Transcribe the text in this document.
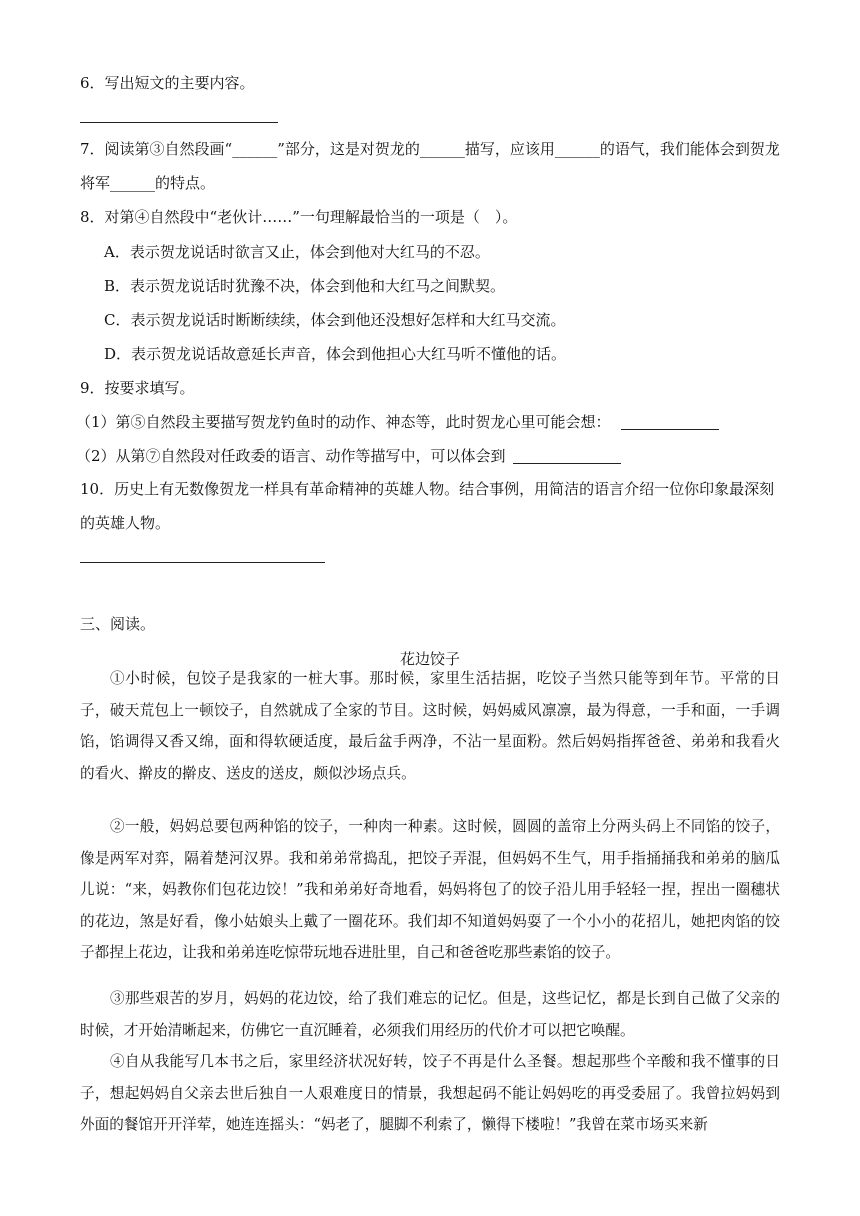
6．写出短文的主要内容。
7．阅读第③自然段画“______”部分，这是对贺龙的______描写，应该用______的语气，我们能体会到贺龙
将军______的特点。
8．对第④自然段中“老伙计……”一句理解最恰当的一项是（　）。
A．表示贺龙说话时欲言又止，体会到他对大红马的不忍。
B．表示贺龙说话时犹豫不决，体会到他和大红马之间默契。
C．表示贺龙说话时断断续续，体会到他还没想好怎样和大红马交流。
D．表示贺龙说话故意延长声音，体会到他担心大红马听不懂他的话。
9．按要求填写。
（1）第⑤自然段主要描写贺龙钓鱼时的动作、神态等，此时贺龙心里可能会想：
（2）从第⑦自然段对任政委的语言、动作等描写中，可以体会到
10．历史上有无数像贺龙一样具有革命精神的英雄人物。结合事例，用简洁的语言介绍一位你印象最深刻
的英雄人物。
三、阅读。
花边饺子
①小时候，包饺子是我家的一桩大事。那时候，家里生活拮据，吃饺子当然只能等到年节。平常的日子，破天荒包上一顿饺子，自然就成了全家的节目。这时候，妈妈威风凛凛，最为得意，一手和面，一手调馅，馅调得又香又绵，面和得软硬适度，最后盆手两净，不沾一星面粉。然后妈妈指挥爸爸、弟弟和我看火的看火、擀皮的擀皮、送皮的送皮，颇似沙场点兵。
②一般，妈妈总要包两种馅的饺子，一种肉一种素。这时候，圆圆的盖帘上分两头码上不同馅的饺子，像是两军对弈，隔着楚河汉界。我和弟弟常捣乱，把饺子弄混，但妈妈不生气，用手指捅捅我和弟弟的脑瓜儿说：“来，妈教你们包花边饺！”我和弟弟好奇地看，妈妈将包了的饺子沿儿用手轻轻一捏，捏出一圈穗状的花边，煞是好看，像小姑娘头上戴了一圈花环。我们却不知道妈妈耍了一个小小的花招儿，她把肉馅的饺子都捏上花边，让我和弟弟连吃惊带玩地吞进肚里，自己和爸爸吃那些素馅的饺子。
③那些艰苦的岁月，妈妈的花边饺，给了我们难忘的记忆。但是，这些记忆，都是长到自己做了父亲的时候，才开始清晰起来，仿佛它一直沉睡着，必须我们用经历的代价才可以把它唤醒。
④自从我能写几本书之后，家里经济状况好转，饺子不再是什么圣餐。想起那些个辛酸和我不懂事的日子，想起妈妈自父亲去世后独自一人艰难度日的情景，我想起码不能让妈妈吃的再受委屈了。我曾拉妈妈到外面的餐馆开开洋荤，她连连摇头：“妈老了，腿脚不利索了，懒得下楼啦！”我曾在菜市场买来新
